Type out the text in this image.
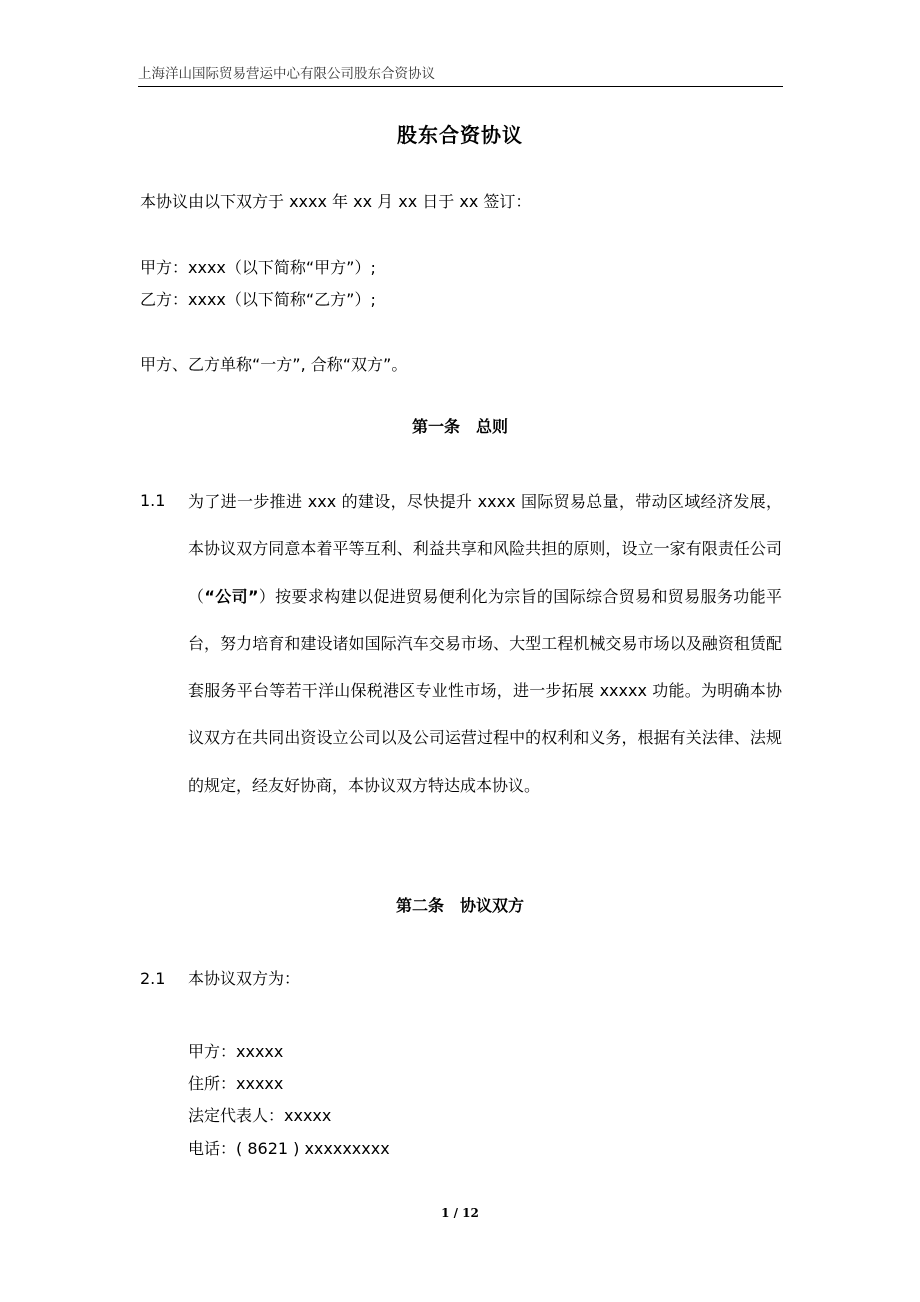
上海洋山国际贸易营运中心有限公司股东合资协议
股东合资协议
本协议由以下双方于 xxxx 年 xx 月 xx 日于 xx 签订：
甲方：xxxx（以下简称“甲方”）;
乙方：xxxx（以下简称“乙方”）;
甲方、乙方单称“一方”, 合称“双方”。
第一条　总则
1.1 为了进一步推进 xxx 的建设，尽快提升 xxxx 国际贸易总量，带动区域经济发展，本协议双方同意本着平等互利、利益共享和风险共担的原则，设立一家有限责任公司（“公司”）按要求构建以促进贸易便利化为宗旨的国际综合贸易和贸易服务功能平台，努力培育和建设诸如国际汽车交易市场、大型工程机械交易市场以及融资租赁配套服务平台等若干洋山保税港区专业性市场，进一步拓展 xxxxx 功能。为明确本协议双方在共同出资设立公司以及公司运营过程中的权利和义务，根据有关法律、法规的规定，经友好协商，本协议双方特达成本协议。
第二条　协议双方
2.1 本协议双方为：
甲方：xxxxx
住所：xxxxx
法定代表人：xxxxx
电话：( 8621 ) xxxxxxxxx
1 / 12
